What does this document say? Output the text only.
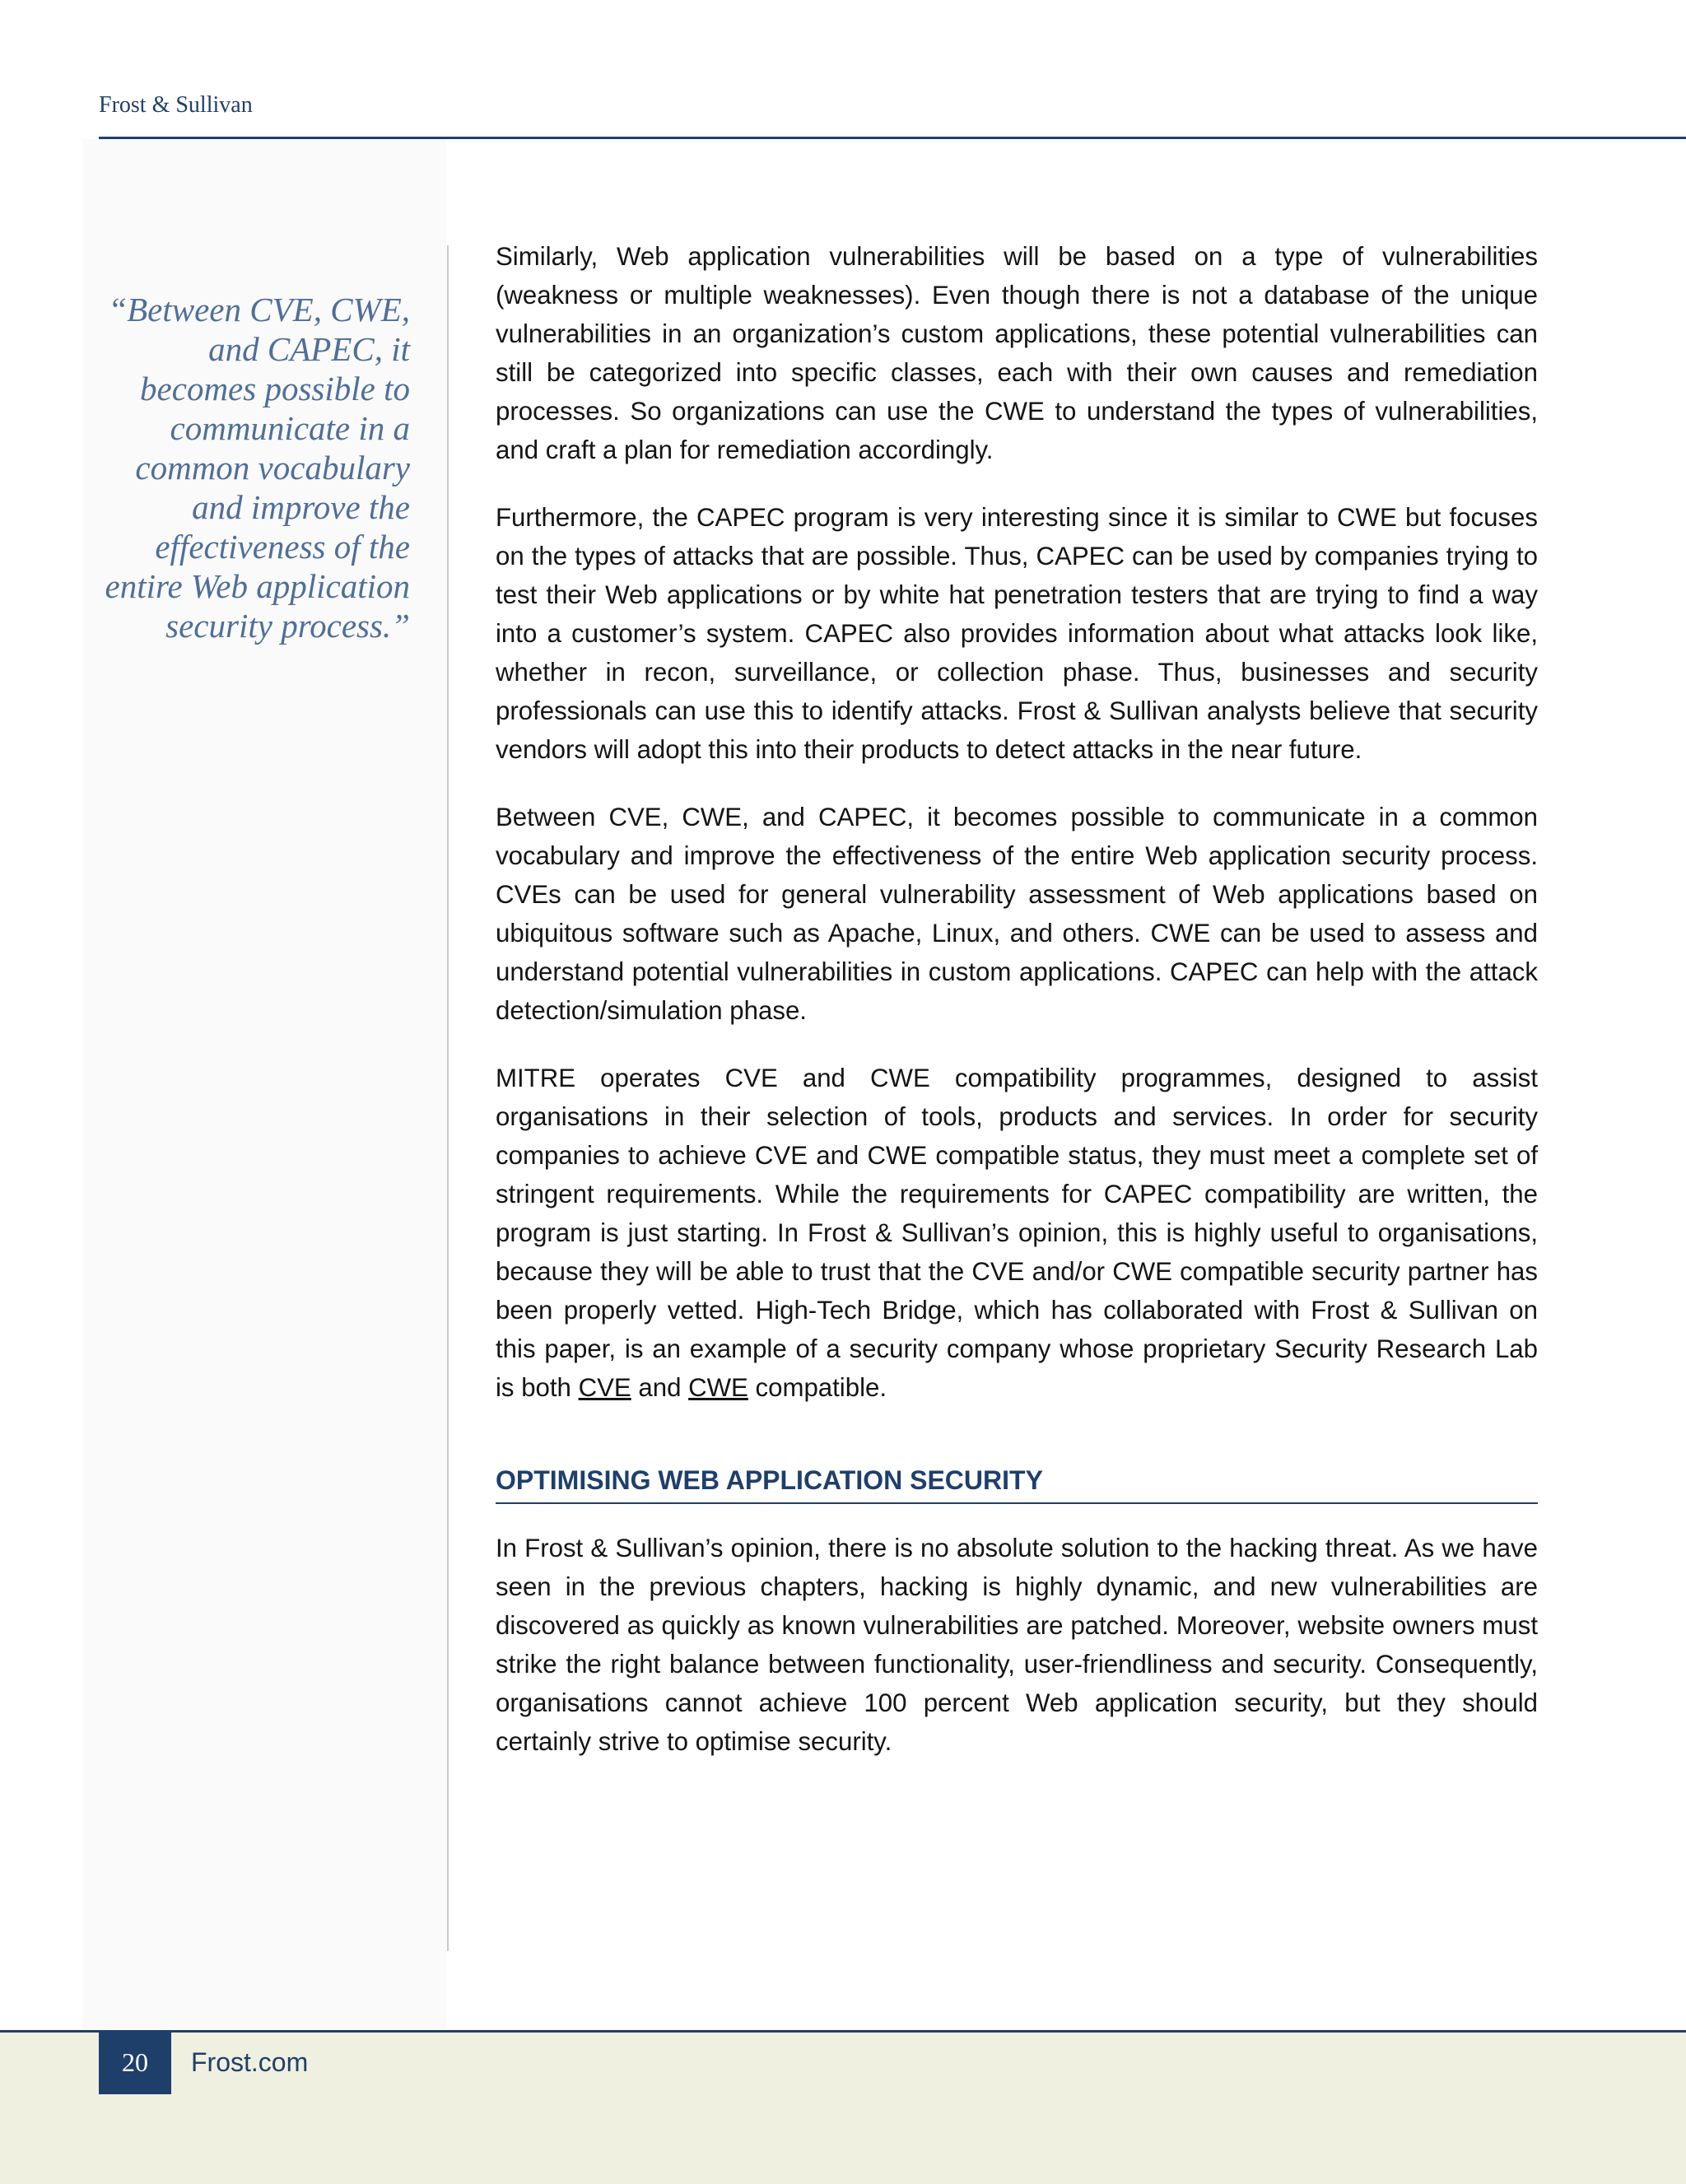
Frost & Sullivan
“Between CVE, CWE, and CAPEC, it becomes possible to communicate in a common vocabulary and improve the effectiveness of the entire Web application security process.”

Similarly, Web application vulnerabilities will be based on a type of vulnerabilities (weakness or multiple weaknesses). Even though there is not a database of the unique vulnerabilities in an organization’s custom applications, these potential vulnerabilities can still be categorized into specific classes, each with their own causes and remediation processes. So organizations can use the CWE to understand the types of vulnerabilities, and craft a plan for remediation accordingly.

Furthermore, the CAPEC program is very interesting since it is similar to CWE but focuses on the types of attacks that are possible. Thus, CAPEC can be used by companies trying to test their Web applications or by white hat penetration testers that are trying to find a way into a customer’s system. CAPEC also provides information about what attacks look like, whether in recon, surveillance, or collection phase. Thus, businesses and security professionals can use this to identify attacks. Frost & Sullivan analysts believe that security vendors will adopt this into their products to detect attacks in the near future.

Between CVE, CWE, and CAPEC, it becomes possible to communicate in a common vocabulary and improve the effectiveness of the entire Web application security process. CVEs can be used for general vulnerability assessment of Web applications based on ubiquitous software such as Apache, Linux, and others. CWE can be used to assess and understand potential vulnerabilities in custom applications. CAPEC can help with the attack detection/simulation phase.

MITRE operates CVE and CWE compatibility programmes, designed to assist organisations in their selection of tools, products and services. In order for security companies to achieve CVE and CWE compatible status, they must meet a complete set of stringent requirements. While the requirements for CAPEC compatibility are written, the program is just starting. In Frost & Sullivan’s opinion, this is highly useful to organisations, because they will be able to trust that the CVE and/or CWE compatible security partner has been properly vetted. High-Tech Bridge, which has collaborated with Frost & Sullivan on this paper, is an example of a security company whose proprietary Security Research Lab is both CVE and CWE compatible.

OPTIMISING WEB APPLICATION SECURITY

In Frost & Sullivan’s opinion, there is no absolute solution to the hacking threat. As we have seen in the previous chapters, hacking is highly dynamic, and new vulnerabilities are discovered as quickly as known vulnerabilities are patched. Moreover, website owners must strike the right balance between functionality, user-friendliness and security. Consequently, organisations cannot achieve 100 percent Web application security, but they should certainly strive to optimise security.

20	Frost.com
